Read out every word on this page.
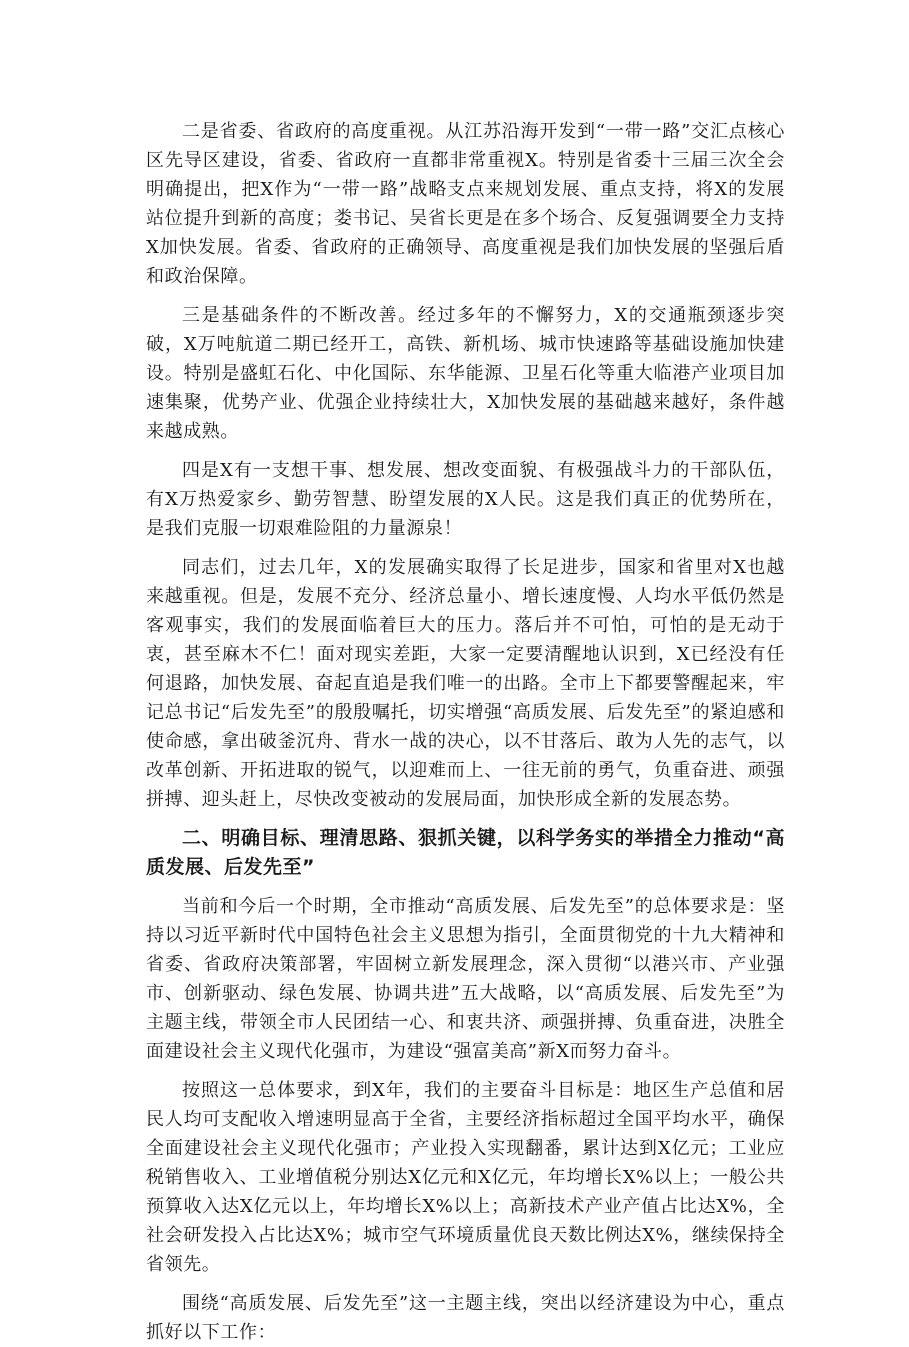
二是省委、省政府的高度重视。从江苏沿海开发到“一带一路”交汇点核心区先导区建设，省委、省政府一直都非常重视X。特别是省委十三届三次全会明确提出，把X作为“一带一路”战略支点来规划发展、重点支持，将X的发展站位提升到新的高度；娄书记、吴省长更是在多个场合、反复强调要全力支持X加快发展。省委、省政府的正确领导、高度重视是我们加快发展的坚强后盾和政治保障。

三是基础条件的不断改善。经过多年的不懈努力，X的交通瓶颈逐步突破，X万吨航道二期已经开工，高铁、新机场、城市快速路等基础设施加快建设。特别是盛虹石化、中化国际、东华能源、卫星石化等重大临港产业项目加速集聚，优势产业、优强企业持续壮大，X加快发展的基础越来越好，条件越来越成熟。

四是X有一支想干事、想发展、想改变面貌、有极强战斗力的干部队伍，有X万热爱家乡、勤劳智慧、盼望发展的X人民。这是我们真正的优势所在，是我们克服一切艰难险阻的力量源泉！

同志们，过去几年，X的发展确实取得了长足进步，国家和省里对X也越来越重视。但是，发展不充分、经济总量小、增长速度慢、人均水平低仍然是客观事实，我们的发展面临着巨大的压力。落后并不可怕，可怕的是无动于衷，甚至麻木不仁！面对现实差距，大家一定要清醒地认识到，X已经没有任何退路，加快发展、奋起直追是我们唯一的出路。全市上下都要警醒起来，牢记总书记“后发先至”的殷殷嘱托，切实增强“高质发展、后发先至”的紧迫感和使命感，拿出破釜沉舟、背水一战的决心，以不甘落后、敢为人先的志气，以改革创新、开拓进取的锐气，以迎难而上、一往无前的勇气，负重奋进、顽强拼搏、迎头赶上，尽快改变被动的发展局面，加快形成全新的发展态势。

二、明确目标、理清思路、狠抓关键，以科学务实的举措全力推动“高质发展、后发先至”

当前和今后一个时期，全市推动“高质发展、后发先至”的总体要求是：坚持以习近平新时代中国特色社会主义思想为指引，全面贯彻党的十九大精神和省委、省政府决策部署，牢固树立新发展理念，深入贯彻“以港兴市、产业强市、创新驱动、绿色发展、协调共进”五大战略，以“高质发展、后发先至”为主题主线，带领全市人民团结一心、和衷共济、顽强拼搏、负重奋进，决胜全面建设社会主义现代化强市，为建设“强富美高”新X而努力奋斗。

按照这一总体要求，到X年，我们的主要奋斗目标是：地区生产总值和居民人均可支配收入增速明显高于全省，主要经济指标超过全国平均水平，确保全面建设社会主义现代化强市；产业投入实现翻番，累计达到X亿元；工业应税销售收入、工业增值税分别达X亿元和X亿元，年均增长X%以上；一般公共预算收入达X亿元以上，年均增长X%以上；高新技术产业产值占比达X%，全社会研发投入占比达X%；城市空气环境质量优良天数比例达X%，继续保持全省领先。

围绕“高质发展、后发先至”这一主题主线，突出以经济建设为中心，重点抓好以下工作：
